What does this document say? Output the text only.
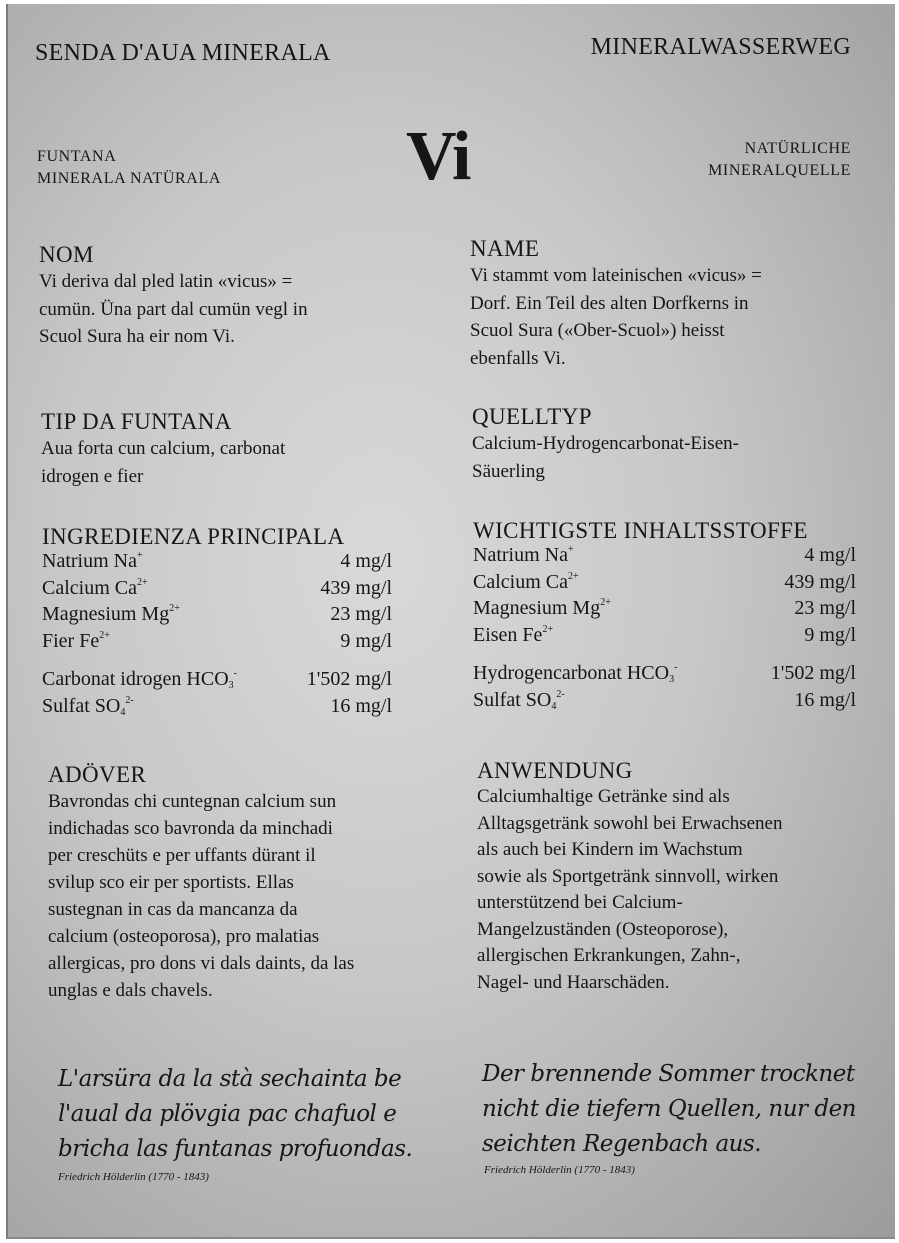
SENDA D'AUA MINERALA	MINERALWASSERWEG
FUNTANA
MINERALA NATÜRALA	Vi	NATÜRLICHE
MINERALQUELLE
NOM
Vi deriva dal pled latin «vicus» =
cumün. Üna part dal cumün vegl in
Scuol Sura ha eir nom Vi.
TIP DA FUNTANA
Aua forta cun calcium, carbonat
idrogen e fier
INGREDIENZA PRINCIPALA
Natrium Na+	4 mg/l
Calcium $Ca^{2+}$	439 mg/l
Magnesium $Mg^{2+}$	23 mg/l
Fier $Fe^{2+}$	9 mg/l
Carbonat idrogen $HCO_3^-$	1'502 mg/l
Sulfat $SO_4^{2-}$	16 mg/l
ADÖVER
Bavrondas chi cuntegnan calcium sun
indichadas sco bavronda da minchadi
per creschüts e per uffants dürant il
svilup sco eir per sportists. Ellas
sustegnan in cas da mancanza da
calcium (osteoporosa), pro malatias
allergicas, pro dons vi dals daints, da las
unglas e dals chavels.
L'arsüra da la stà sechainta be
l'aual da plövgia pac chafuol e
bricha las funtanas profuondas.
Friedrich Hölderlin (1770 - 1843)
NAME
Vi stammt vom lateinischen «vicus» =
Dorf. Ein Teil des alten Dorfkerns in
Scuol Sura («Ober-Scuol») heisst
ebenfalls Vi.
QUELLTYP
Calcium-Hydrogencarbonat-Eisen-
Säuerling
WICHTIGSTE INHALTSSTOFFE
Natrium Na+	4 mg/l
Calcium $Ca^{2+}$	439 mg/l
Magnesium $Mg^{2+}$	23 mg/l
Eisen $Fe^{2+}$	9 mg/l
Hydrogencarbonat $HCO_3^-$	1'502 mg/l
Sulfat $SO_4^{2-}$	16 mg/l
ANWENDUNG
Calciumhaltige Getränke sind als
Alltagsgetränk sowohl bei Erwachsenen
als auch bei Kindern im Wachstum
sowie als Sportgetränk sinnvoll, wirken
unterstützend bei Calcium-
Mangelzuständen (Osteoporose),
allergischen Erkrankungen, Zahn-,
Nagel- und Haarschäden.
Der brennende Sommer trocknet
nicht die tiefern Quellen, nur den
seichten Regenbach aus.
Friedrich Hölderlin (1770 - 1843)
